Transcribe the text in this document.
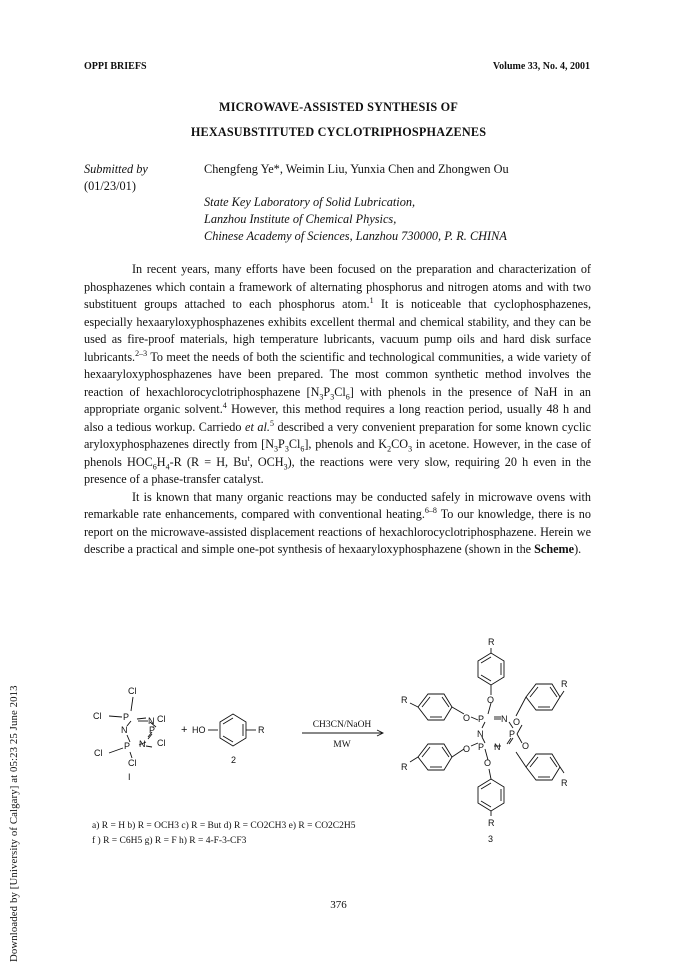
OPPI BRIEFS	Volume 33, No. 4, 2001
MICROWAVE-ASSISTED SYNTHESIS OF
HEXASUBSTITUTED CYCLOTRIPHOSPHAZENES
Submitted by
(01/23/01)
Chengfeng Ye*, Weimin Liu, Yunxia Chen and Zhongwen Ou
State Key Laboratory of Solid Lubrication,
Lanzhou Institute of Chemical Physics,
Chinese Academy of Sciences, Lanzhou 730000, P. R. CHINA
Downloaded by [University of Calgary] at 05:23 25 June 2013

In recent years, many efforts have been focused on the preparation and characterization of phosphazenes which contain a framework of alternating phosphorus and nitrogen atoms and with two substituent groups attached to each phosphorus atom.$^1$ It is noticeable that cyclophosphazenes, especially hexaaryloxyphosphazenes exhibits excellent thermal and chemical stability, and they can be used as fire-proof materials, high temperature lubricants, vacuum pump oils and hard disk surface lubricants.$^{2-3}$ To meet the needs of both the scientific and technological communities, a wide variety of hexaaryloxyphosphazenes have been prepared. The most common synthetic method involves the reaction of hexachlorocyclotriphosphazene $[N_3P_3Cl_6]$ with phenols in the presence of NaH in an appropriate organic solvent.$^4$ However, this method requires a long reaction period, usually 48 h and also a tedious workup. Carriedo et al.$^5$ described a very convenient preparation for some known cyclic aryloxyphosphazenes directly from $[N_3P_3Cl_6]$, phenols and $K_2CO_3$ in acetone. However, in the case of phenols $HOC_6H_4-R$ (R = H, Bu$^t$, $OCH_3$), the reactions were very slow, requiring 20 h even in the presence of a phase-transfer catalyst.

It is known that many organic reactions may be conducted safely in microwave ovens with remarkable rate enhancements, compared with conventional heating.$^{6-8}$ To our knowledge, there is no report on the microwave-assisted displacement reactions of hexachlorocyclotriphosphazene. Herein we describe a practical and simple one-pot synthesis of hexaaryloxyphosphazene (shown in the Scheme).

Cl
Cl P N Cl
N P
Cl
Cl
P N
Cl
I
+ HO	R
2
CH3CN/NaOH
MW
R
O
R
O P N O
R
N	P
O
O P N
O
R
R
R
3
a) R = H b) R = OCH3 c) R = But d) R = CO2CH3 e) R = CO2C2H5
f ) R = C6H5 g) R = F h) R = 4-F-3-CF3
376
